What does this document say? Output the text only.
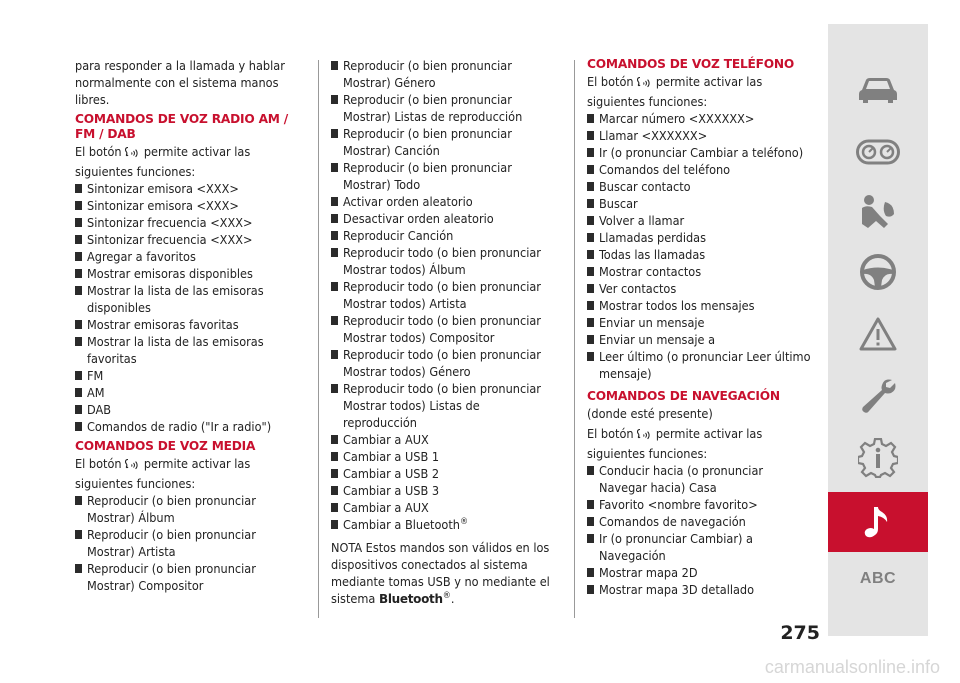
para responder a la llamada y hablar normalmente con el sistema manos libres.

COMANDOS DE VOZ RADIO AM / FM / DAB

El botón permite activar las siguientes funciones:

Sintonizar emisora <XXX>
Sintonizar emisora <XXX>
Sintonizar frecuencia <XXX>
Sintonizar frecuencia <XXX>
Agregar a favoritos
Mostrar emisoras disponibles
Mostrar la lista de las emisoras disponibles
Mostrar emisoras favoritas
Mostrar la lista de las emisoras favoritas
FM
AM
DAB
Comandos de radio ("Ir a radio")
COMANDOS DE VOZ MEDIA

El botón permite activar las siguientes funciones:

Reproducir (o bien pronunciar Mostrar) Álbum
Reproducir (o bien pronunciar Mostrar) Artista
Reproducir (o bien pronunciar Mostrar) Compositor
Reproducir (o bien pronunciar Mostrar) Género
Reproducir (o bien pronunciar Mostrar) Listas de reproducción
Reproducir (o bien pronunciar Mostrar) Canción
Reproducir (o bien pronunciar Mostrar) Todo
Activar orden aleatorio
Desactivar orden aleatorio
Reproducir Canción
Reproducir todo (o bien pronunciar Mostrar todos) Álbum
Reproducir todo (o bien pronunciar Mostrar todos) Artista
Reproducir todo (o bien pronunciar Mostrar todos) Compositor
Reproducir todo (o bien pronunciar Mostrar todos) Género
Reproducir todo (o bien pronunciar Mostrar todos) Listas de reproducción
Cambiar a AUX
Cambiar a USB 1
Cambiar a USB 2
Cambiar a USB 3
Cambiar a AUX
Cambiar a Bluetooth®

NOTA Estos mandos son válidos en los dispositivos conectados al sistema mediante tomas USB y no mediante el sistema Bluetooth®.

COMANDOS DE VOZ TELÉFONO

El botón permite activar las siguientes funciones:

Marcar número <XXXXXX>
Llamar <XXXXXX>
Ir (o pronunciar Cambiar a teléfono)
Comandos del teléfono
Buscar contacto
Buscar
Volver a llamar
Llamadas perdidas
Todas las llamadas
Mostrar contactos
Ver contactos
Mostrar todos los mensajes
Enviar un mensaje
Enviar un mensaje a
Leer último (o pronunciar Leer último mensaje)
COMANDOS DE NAVEGACIÓN

(donde esté presente)

El botón permite activar las siguientes funciones:

Conducir hacia (o pronunciar Navegar hacia) Casa
Favorito <nombre favorito>
Comandos de navegación
Ir (o pronunciar Cambiar) a Navegación
Mostrar mapa 2D
Mostrar mapa 3D detallado
275
ABC
carmanualsonline.info
